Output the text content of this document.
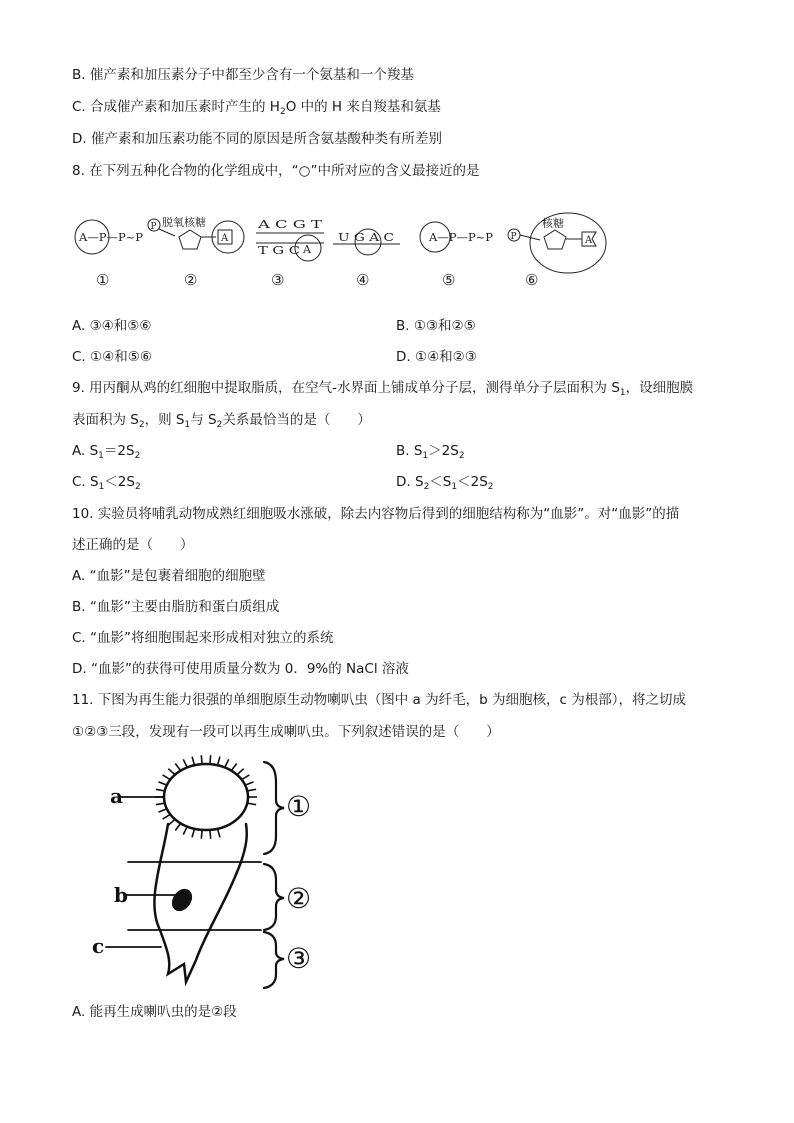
B. 催产素和加压素分子中都至少含有一个氨基和一个羧基
C. 合成催产素和加压素时产生的 $H_2O$ 中的 H 来自羧基和氨基
D. 催产素和加压素功能不同的原因是所含氨基酸种类有所差别
8. 在下列五种化合物的化学组成中，“○”中所对应的含义最接近的是
A—P—P~P
P 脱氧核糖
A
A C G T
T G C A
U G A C	A—P—P~P P
核糖
A
①	②	③	④	⑤	⑥
A. ③④和⑤⑥	B. ①③和②⑤
C. ①④和⑤⑥	D. ①④和②③
9. 用丙酮从鸡的红细胞中提取脂质，在空气-水界面上铺成单分子层，测得单分子层面积为 $S_1$，设细胞膜
表面积为 $S_2$，则 $S_1$与 $S_2$关系最恰当的是（　　）
A. $S_1=2S_2$	B. $S_1>2S_2$
C. $S_1<2S_2$	D. $S_2<S_1<2S_2$
10. 实验员将哺乳动物成熟红细胞吸水涨破，除去内容物后得到的细胞结构称为“血影”。对“血影”的描
述正确的是（　　）
A. “血影”是包裹着细胞的细胞壁
B. “血影”主要由脂肪和蛋白质组成
C. “血影”将细胞围起来形成相对独立的系统
D. “血影”的获得可使用质量分数为 0．9%的 NaCl 溶液
11. 下图为再生能力很强的单细胞原生动物喇叭虫（图中 a 为纤毛，b 为细胞核，c 为根部），将之切成
①②③三段，发现有一段可以再生成喇叭虫。下列叙述错误的是（　　）
a
b
c
①
②
③
A. 能再生成喇叭虫的是②段
